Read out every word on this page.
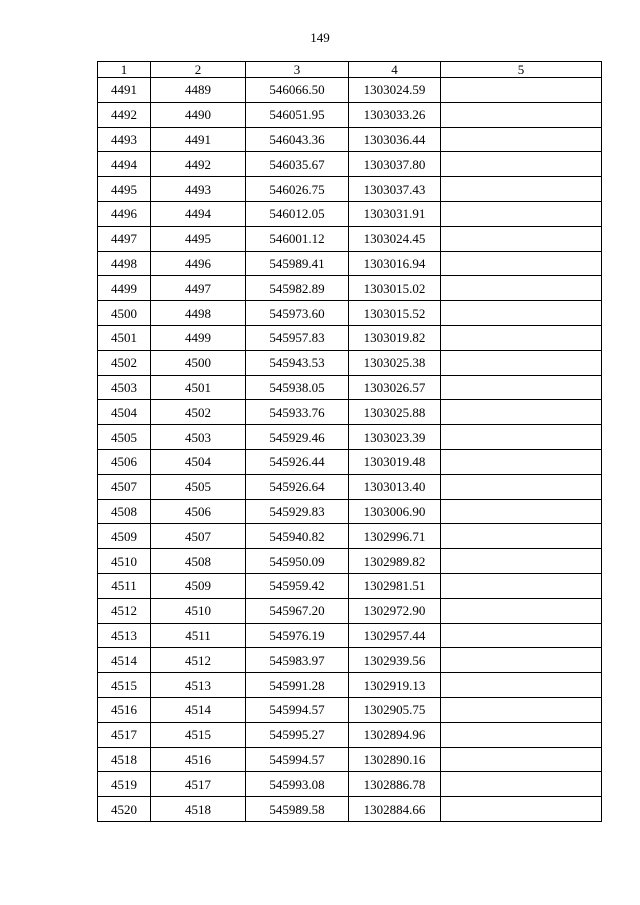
149
1	2	3	4	5
4491	4489	546066.50	1303024.59	
4492	4490	546051.95	1303033.26	
4493	4491	546043.36	1303036.44	
4494	4492	546035.67	1303037.80	
4495	4493	546026.75	1303037.43	
4496	4494	546012.05	1303031.91	
4497	4495	546001.12	1303024.45	
4498	4496	545989.41	1303016.94	
4499	4497	545982.89	1303015.02	
4500	4498	545973.60	1303015.52	
4501	4499	545957.83	1303019.82	
4502	4500	545943.53	1303025.38	
4503	4501	545938.05	1303026.57	
4504	4502	545933.76	1303025.88	
4505	4503	545929.46	1303023.39	
4506	4504	545926.44	1303019.48	
4507	4505	545926.64	1303013.40	
4508	4506	545929.83	1303006.90	
4509	4507	545940.82	1302996.71	
4510	4508	545950.09	1302989.82	
4511	4509	545959.42	1302981.51	
4512	4510	545967.20	1302972.90	
4513	4511	545976.19	1302957.44	
4514	4512	545983.97	1302939.56	
4515	4513	545991.28	1302919.13	
4516	4514	545994.57	1302905.75	
4517	4515	545995.27	1302894.96	
4518	4516	545994.57	1302890.16	
4519	4517	545993.08	1302886.78	
4520	4518	545989.58	1302884.66	
